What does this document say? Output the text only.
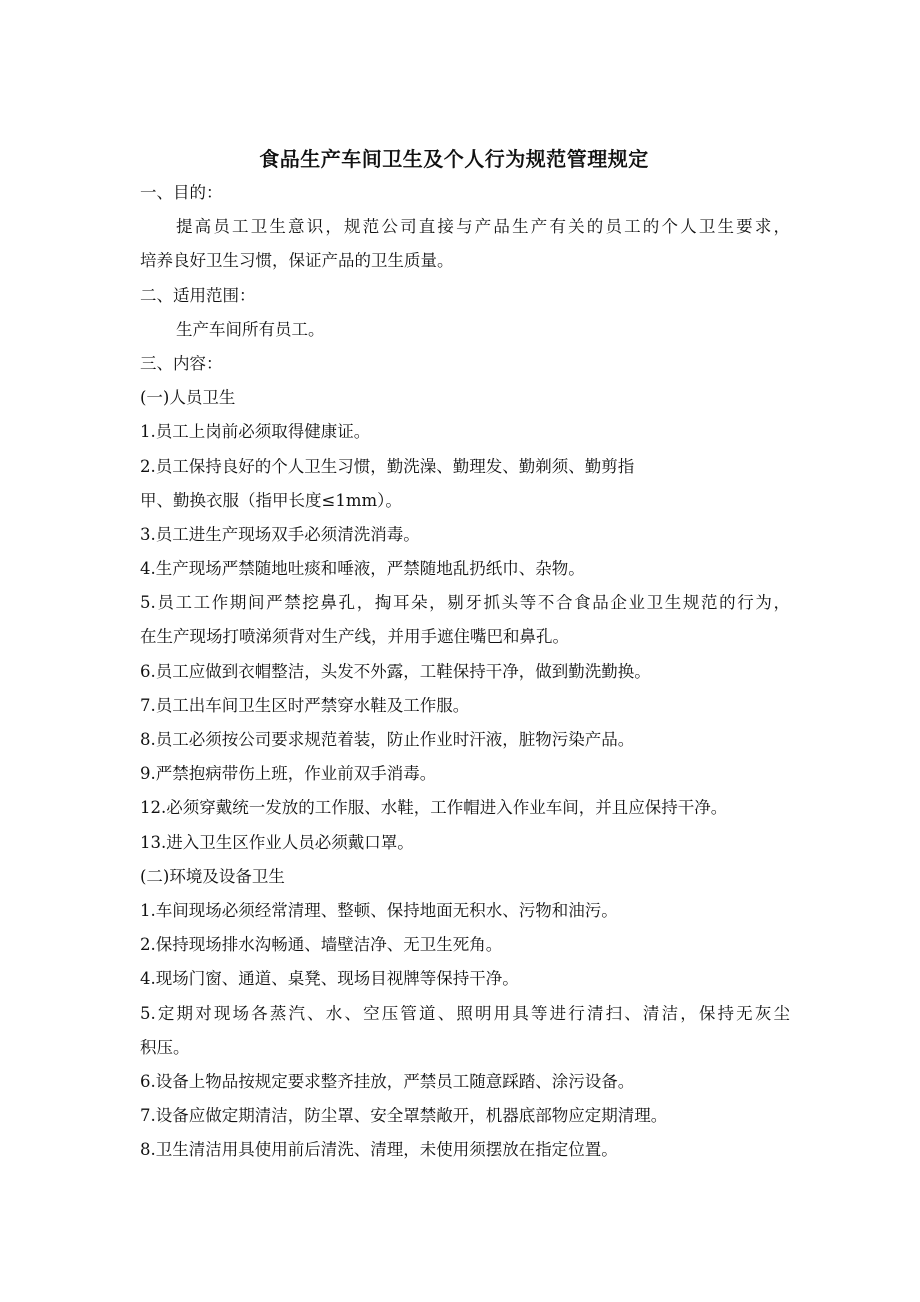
食品生产车间卫生及个人行为规范管理规定
一、目的：
提高员工卫生意识，规范公司直接与产品生产有关的员工的个人卫生要求，
培养良好卫生习惯，保证产品的卫生质量。
二、适用范围：
生产车间所有员工。
三、内容：
(一)人员卫生
1.员工上岗前必须取得健康证。
2.员工保持良好的个人卫生习惯，勤洗澡、勤理发、勤剃须、勤剪指
甲、勤换衣服（指甲长度≤1mm）。
3.员工进生产现场双手必须清洗消毒。
4.生产现场严禁随地吐痰和唾液，严禁随地乱扔纸巾、杂物。
5.员工工作期间严禁挖鼻孔，掏耳朵，剔牙抓头等不合食品企业卫生规范的行为，
在生产现场打喷涕须背对生产线，并用手遮住嘴巴和鼻孔。
6.员工应做到衣帽整洁，头发不外露，工鞋保持干净，做到勤洗勤换。
7.员工出车间卫生区时严禁穿水鞋及工作服。
8.员工必须按公司要求规范着装，防止作业时汗液，脏物污染产品。
9.严禁抱病带伤上班，作业前双手消毒。
12.必须穿戴统一发放的工作服、水鞋，工作帽进入作业车间，并且应保持干净。
13.进入卫生区作业人员必须戴口罩。
(二)环境及设备卫生
1.车间现场必须经常清理、整顿、保持地面无积水、污物和油污。
2.保持现场排水沟畅通、墙壁洁净、无卫生死角。
4.现场门窗、通道、桌凳、现场目视牌等保持干净。
5.定期对现场各蒸汽、水、空压管道、照明用具等进行清扫、清洁，保持无灰尘
积压。
6.设备上物品按规定要求整齐挂放，严禁员工随意踩踏、涂污设备。
7.设备应做定期清洁，防尘罩、安全罩禁敞开，机器底部物应定期清理。
8.卫生清洁用具使用前后清洗、清理，未使用须摆放在指定位置。
